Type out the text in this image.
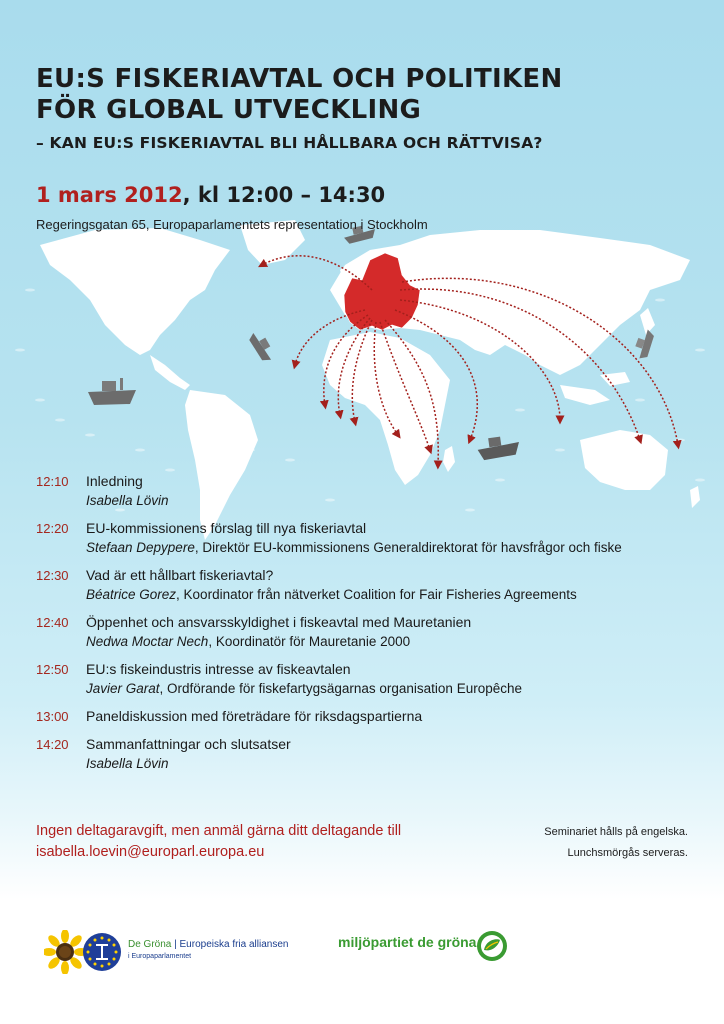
EU:S FISKERIAVTAL OCH POLITIKEN
FÖR GLOBAL UTVECKLING
– KAN EU:S FISKERIAVTAL BLI HÅLLBARA OCH RÄTTVISA?
1 mars 2012, kl 12:00 – 14:30
Regeringsgatan 65, Europaparlamentets representation i Stockholm
12:10	Inledning
Isabella Lövin
12:20	EU-kommissionens förslag till nya fiskeriavtal
Stefaan Depypere, Direktör EU-kommissionens Generaldirektorat för havsfrågor och fiske
12:30	Vad är ett hållbart fiskeriavtal?
Béatrice Gorez, Koordinator från nätverket Coalition for Fair Fisheries Agreements
12:40	Öppenhet och ansvarsskyldighet i fiskeavtal med Mauretanien
Nedwa Moctar Nech, Koordinatör för Mauretanie 2000
12:50	EU:s fiskeindustris intresse av fiskeavtalen
Javier Garat, Ordförande för fiskefartygsägarnas organisation Europêche
13:00	Paneldiskussion med företrädare för riksdagspartierna
14:20	Sammanfattningar och slutsatser
Isabella Lövin
Ingen deltagaravgift, men anmäl gärna ditt deltagande till
isabella.loevin@europarl.europa.eu
Seminariet hålls på engelska.
Lunchsmörgås serveras.
De Gröna | Europeiska fria alliansen
i Europaparlamentet
miljöpartiet de gröna
